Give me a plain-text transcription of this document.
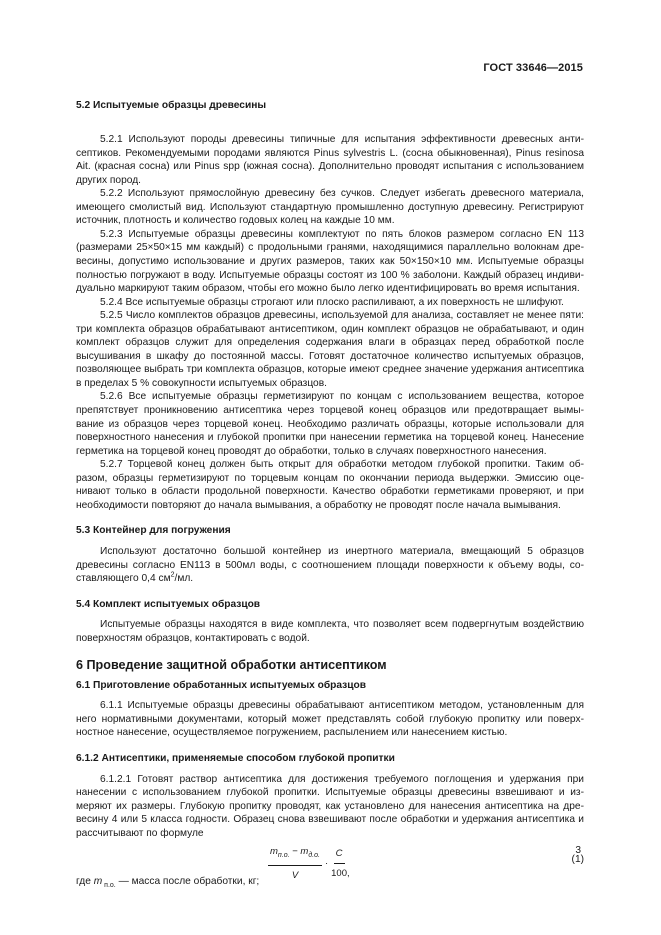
ГОСТ 33646—2015

5.2 Испытуемые образцы древесины

5.2.1 Используют породы древесины типичные для испытания эффективности древесных антисептиков. Рекомендуемыми породами являются Pinus sylvestris L. (сосна обыкновенная), Pinus resinosa Ait. (красная сосна) или Pinus spp (южная сосна). Дополнительно проводят испытания с использованием других пород.

5.2.2 Используют прямослойную древесину без сучков. Следует избегать древесного материала, имеющего смолистый вид. Используют стандартную промышленно доступную древесину. Регистрируют источник, плотность и количество годовых колец на каждые 10 мм.

5.2.3 Испытуемые образцы древесины комплектуют по пять блоков размером согласно EN 113 (размерами 25×50×15 мм каждый) с продольными гранями, находящимися параллельно волокнам древесины, допустимо использование и других размеров, таких как 50×150×10 мм. Испытуемые образцы полностью погружают в воду. Испытуемые образцы состоят из 100 % заболони. Каждый образец индивидуально маркируют таким образом, чтобы его можно было легко идентифицировать во время испытания.

5.2.4 Все испытуемые образцы строгают или плоско распиливают, а их поверхность не шлифуют.

5.2.5 Число комплектов образцов древесины, используемой для анализа, составляет не менее пяти: три комплекта образцов обрабатывают антисептиком, один комплект образцов не обрабатывают, и один комплект образцов служит для определения содержания влаги в образцах перед обработкой после высушивания в шкафу до постоянной массы. Готовят достаточное количество испытуемых образцов, позволяющее выбрать три комплекта образцов, которые имеют среднее значение удержания антисептика в пределах 5 % совокупности испытуемых образцов.

5.2.6 Все испытуемые образцы герметизируют по концам с использованием вещества, которое препятствует проникновению антисептика через торцевой конец образцов или предотвращает вымывание из образцов через торцевой конец. Необходимо различать образцы, которые использовали для поверхностного нанесения и глубокой пропитки при нанесении герметика на торцевой конец. Нанесение герметика на торцевой конец проводят до обработки, только в случаях поверхностного нанесения.

5.2.7 Торцевой конец должен быть открыт для обработки методом глубокой пропитки. Таким образом, образцы герметизируют по торцевым концам по окончании периода выдержки. Эмиссию оценивают только в области продольной поверхности. Качество обработки герметиками проверяют, и при необходимости повторяют до начала вымывания, а обработку не проводят после начала вымывания.

5.3 Контейнер для погружения

Используют достаточно большой контейнер из инертного материала, вмещающий 5 образцов древесины согласно EN113 в 500мл воды, с соотношением площади поверхности к объему воды, составляющего 0,4 $см^2/мл$.

5.4 Комплект испытуемых образцов

Испытуемые образцы находятся в виде комплекта, что позволяет всем подвергнутым воздействию поверхностям образцов, контактировать с водой.

6 Проведение защитной обработки антисептиком

6.1 Приготовление обработанных испытуемых образцов

6.1.1 Испытуемые образцы древесины обрабатывают антисептиком методом, установленным для него нормативными документами, который может представлять собой глубокую пропитку или поверхностное нанесение, осуществляемое погружением, распылением или нанесением кистью.

6.1.2 Антисептики, применяемые способом глубокой пропитки

6.1.2.1 Готовят раствор антисептика для достижения требуемого поглощения и удержания при нанесении с использованием глубокой пропитки. Испытуемые образцы древесины взвешивают и измеряют их размеры. Глубокую пропитку проводят, как установлено для нанесения антисептика на древесину 4 или 5 класса годности. Образец снова взвешивают после обработки и удержания антисептика и рассчитывают по формуле

$\frac{m_{п.о.} - m_{д.о.}}{V} \cdot \frac{C}{100}$ ,
(1)

где m $_{п.о.}$ — масса после обработки, кг;

3
